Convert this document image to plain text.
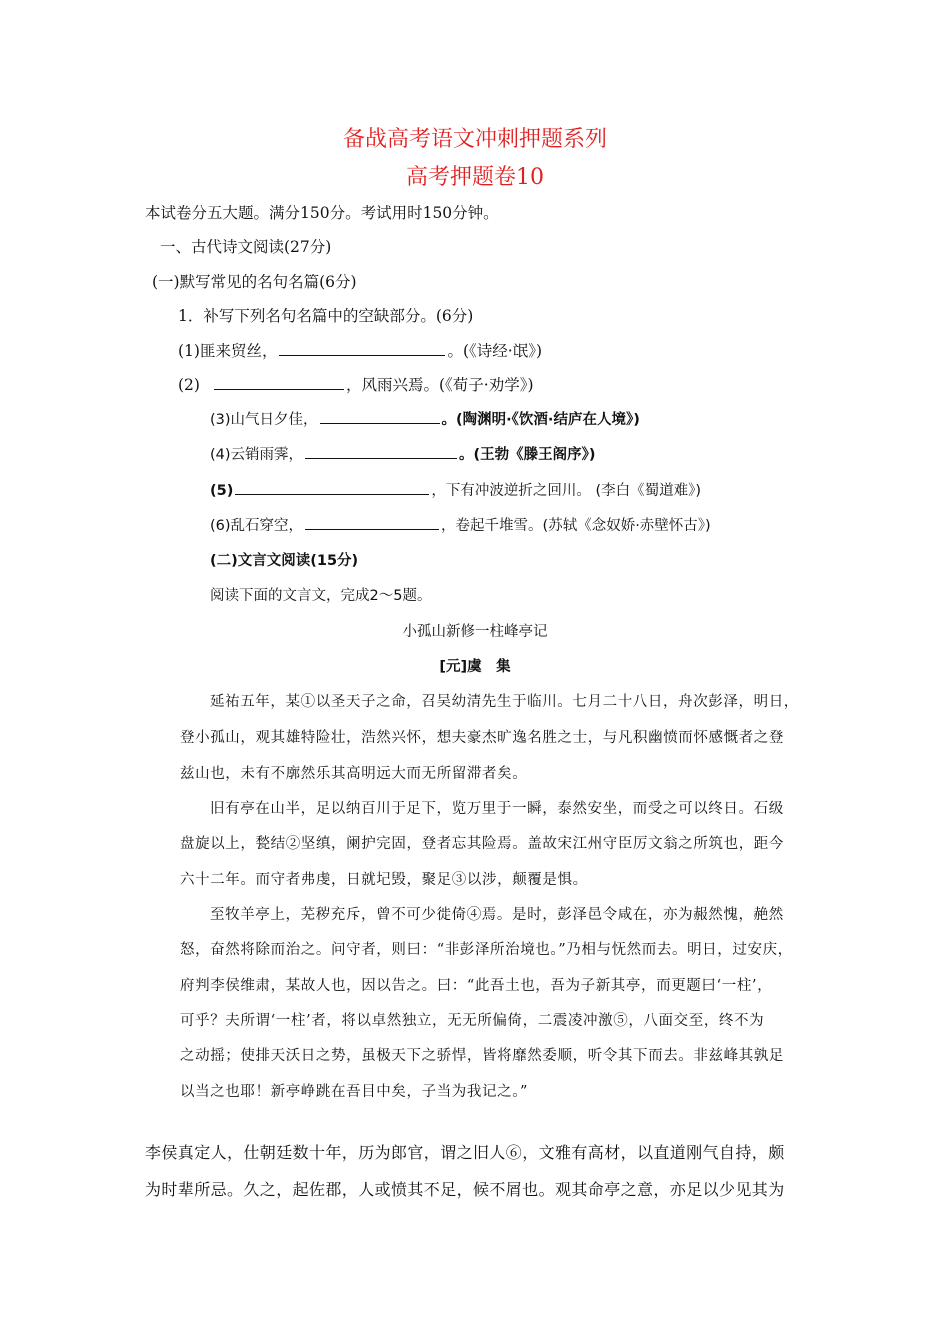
备战高考语文冲刺押题系列
高考押题卷10
本试卷分五大题。满分150分。考试用时150分钟。
一、古代诗文阅读(27分)
(一)默写常见的名句名篇(6分)
1．补写下列名句名篇中的空缺部分。(6分)
(1)匪来贸丝，	。(《诗经·氓》)
(2)	，风雨兴焉。(《荀子·劝学》)
(3)山气日夕佳，	。(陶渊明·《饮酒·结庐在人境》)
(4)云销雨霁，	。(王勃《滕王阁序》)
(5)	，下有冲波逆折之回川。 (李白《蜀道难》)
(6)乱石穿空，	，卷起千堆雪。(苏轼《念奴娇·赤壁怀古》)
(二)文言文阅读(15分)
阅读下面的文言文，完成2～5题。
小孤山新修一柱峰亭记
[元]虞　集
延祐五年，某①以圣天子之命，召吴幼清先生于临川。七月二十八日，舟次彭泽，明日，
登小孤山，观其雄特险壮，浩然兴怀，想夫豪杰旷逸名胜之士，与凡积幽愤而怀感慨者之登
兹山也，未有不廓然乐其高明远大而无所留滞者矣。
旧有亭在山半，足以纳百川于足下，览万里于一瞬，泰然安坐，而受之可以终日。石级
盘旋以上，甃结②坚缜，阑护完固，登者忘其险焉。盖故宋江州守臣厉文翁之所筑也，距今
六十二年。而守者弗虔，日就圮毁，聚足③以涉，颠覆是惧。
至牧羊亭上，芜秽充斥，曾不可少徙倚④焉。是时，彭泽邑令咸在，亦为赧然愧，赩然
怒，奋然将除而治之。问守者，则曰：“非彭泽所治境也。”乃相与怃然而去。明日，过安庆，
府判李侯维肃，某故人也，因以告之。曰：“此吾土也，吾为子新其亭，而更题曰‘一柱’，
可乎？夫所谓‘一柱’者，将以卓然独立，无无所偏倚，二震凌冲激⑤，八面交至，终不为
之动摇；使排天沃日之势，虽极天下之骄悍，皆将靡然委顺，听令其下而去。非兹峰其孰足
以当之也耶！新亭峥跳在吾目中矣，子当为我记之。”
李侯真定人，仕朝廷数十年，历为郎官，谓之旧人⑥，文雅有高材，以直道刚气自持，颇
为时辈所忌。久之，起佐郡，人或愤其不足，候不屑也。观其命亭之意，亦足以少见其为
